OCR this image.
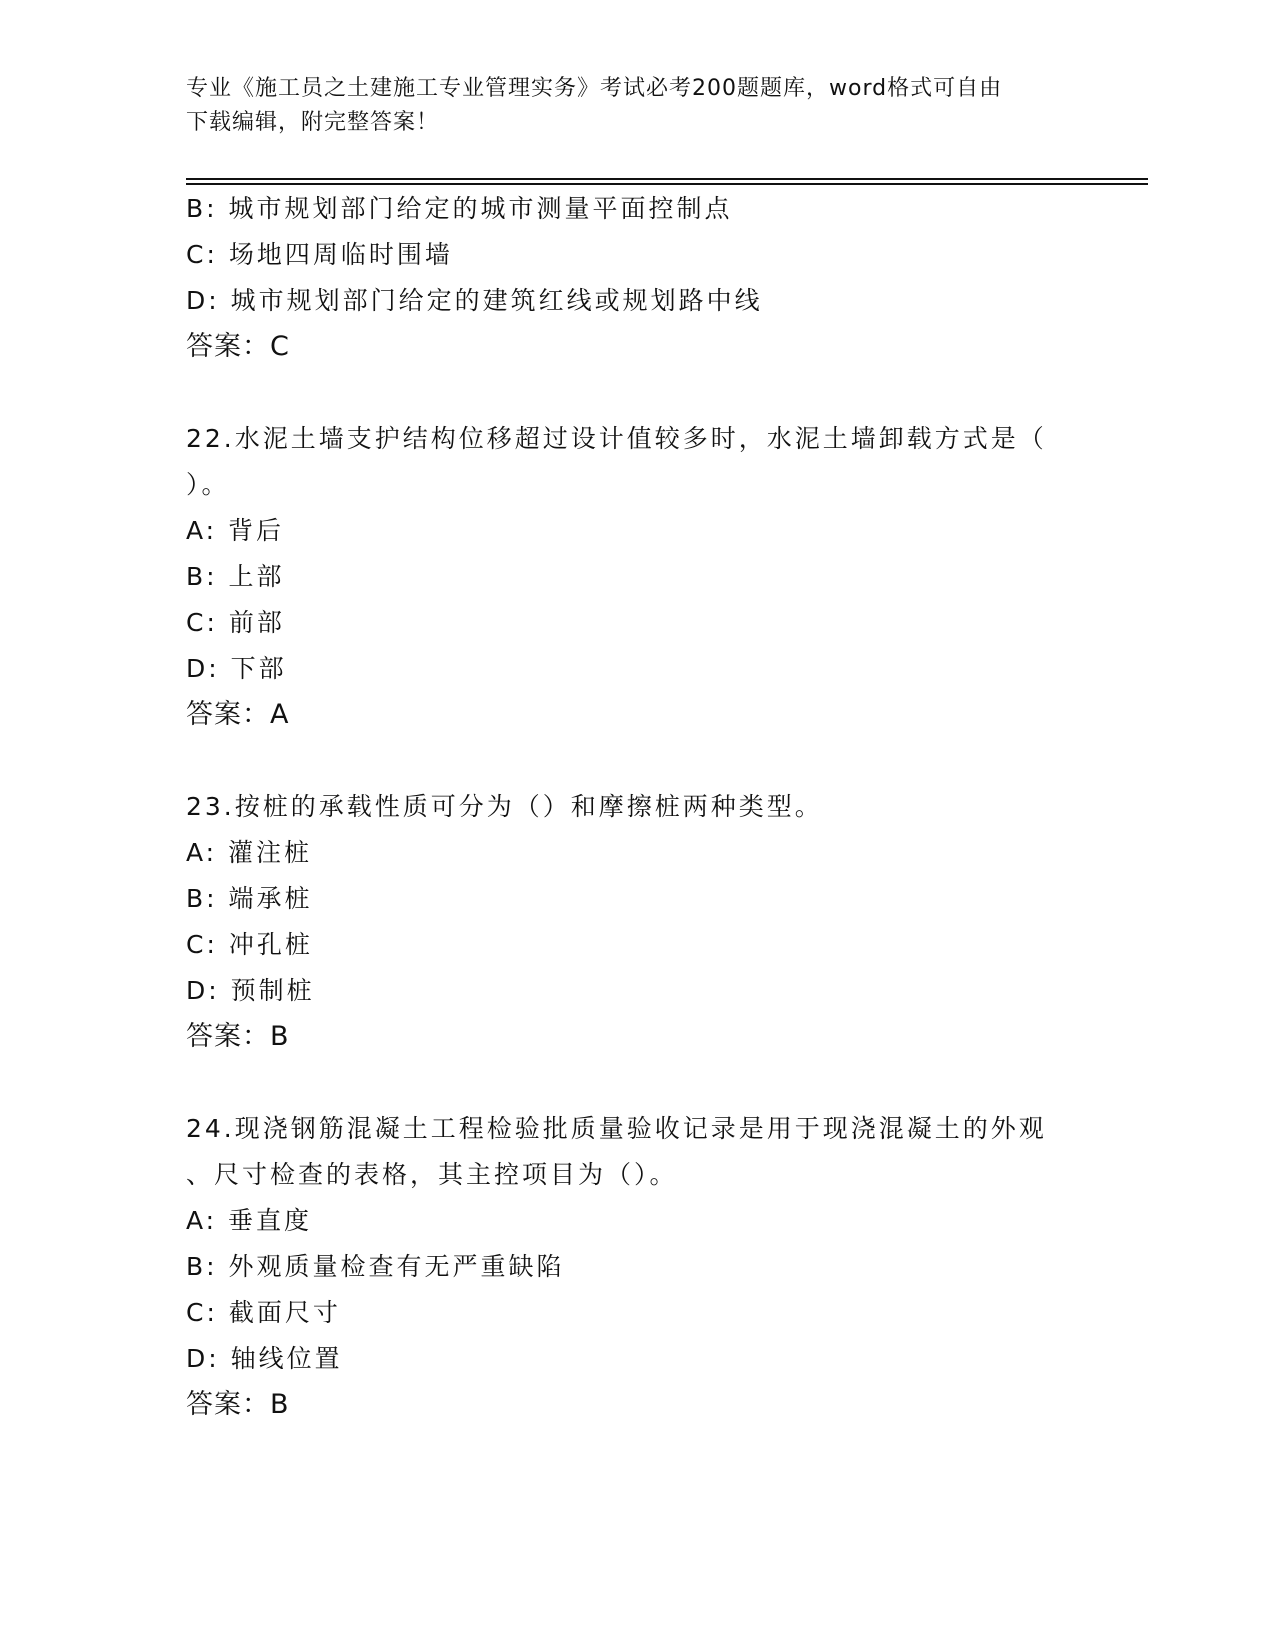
专业《施工员之土建施工专业管理实务》考试必考200题题库，word格式可自由
下载编辑，附完整答案！
B: 城市规划部门给定的城市测量平面控制点
C: 场地四周临时围墙
D: 城市规划部门给定的建筑红线或规划路中线
答案：C
22.水泥土墙支护结构位移超过设计值较多时，水泥土墙卸载方式是（
）。
A: 背后
B: 上部
C: 前部
D: 下部
答案：A
23.按桩的承载性质可分为（）和摩擦桩两种类型。
A: 灌注桩
B: 端承桩
C: 冲孔桩
D: 预制桩
答案：B
24.现浇钢筋混凝土工程检验批质量验收记录是用于现浇混凝土的外观
、尺寸检查的表格，其主控项目为（）。
A: 垂直度
B: 外观质量检查有无严重缺陷
C: 截面尺寸
D: 轴线位置
答案：B
